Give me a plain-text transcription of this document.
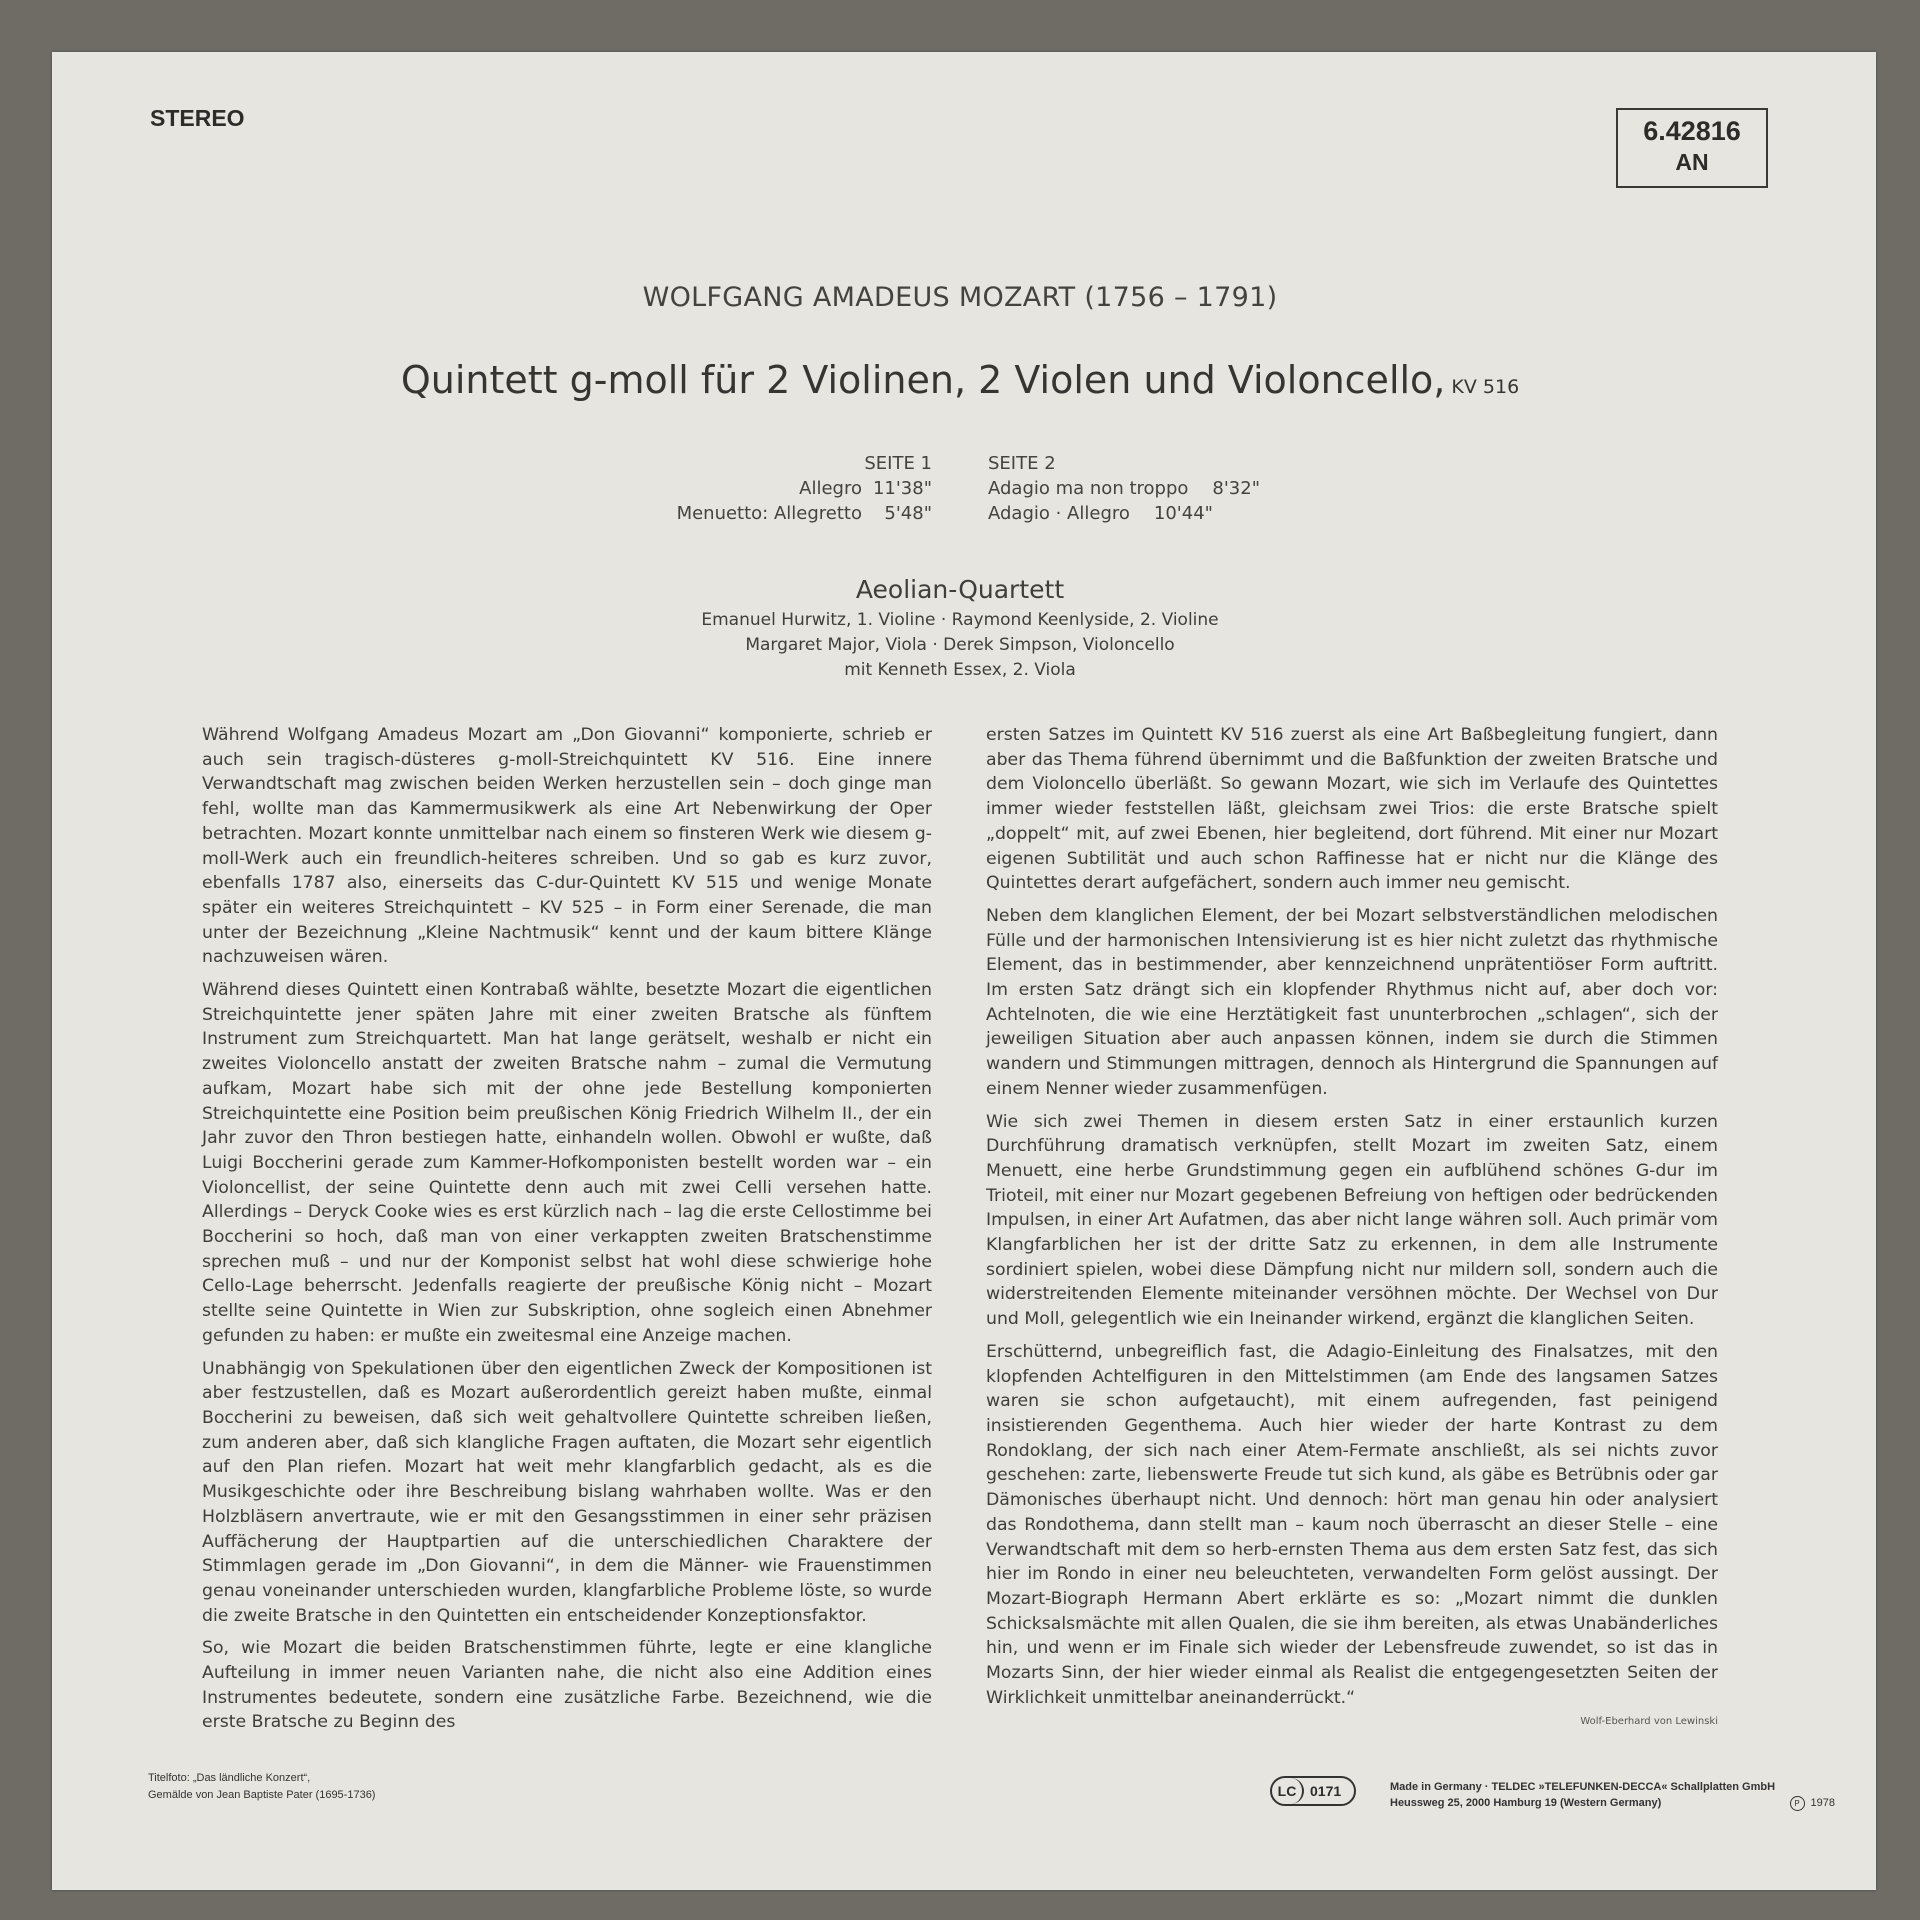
STEREO	6.42816
AN
WOLFGANG AMADEUS MOZART (1756 – 1791)
Quintett g-moll für 2 Violinen, 2 Violen und Violoncello, KV 516
SEITE 1
Allegro 11'38"
Menuetto: Allegretto	5'48"
SEITE 2
Adagio ma non troppo 8'32"
Adagio · Allegro 10'44"
Aeolian-Quartett
Emanuel Hurwitz, 1. Violine · Raymond Keenlyside, 2. Violine
Margaret Major, Viola · Derek Simpson, Violoncello
mit Kenneth Essex, 2. Viola

Während Wolfgang Amadeus Mozart am „Don Giovanni“ komponierte, schrieb er auch sein tragisch-düsteres g-moll-Streichquintett KV 516. Eine innere Verwandtschaft mag zwischen beiden Werken herzustellen sein – doch ginge man fehl, wollte man das Kammermusikwerk als eine Art Nebenwirkung der Oper betrachten. Mozart konnte unmittelbar nach einem so finsteren Werk wie diesem g-moll-Werk auch ein freundlich-heiteres schreiben. Und so gab es kurz zuvor, ebenfalls 1787 also, einerseits das C-dur-Quintett KV 515 und wenige Monate später ein weiteres Streichquintett – KV 525 – in Form einer Serenade, die man unter der Bezeichnung „Kleine Nachtmusik“ kennt und der kaum bittere Klänge nachzuweisen wären.

Während dieses Quintett einen Kontrabaß wählte, besetzte Mozart die eigentlichen Streichquintette jener späten Jahre mit einer zweiten Bratsche als fünftem Instrument zum Streichquartett. Man hat lange gerätselt, weshalb er nicht ein zweites Violoncello anstatt der zweiten Bratsche nahm – zumal die Vermutung aufkam, Mozart habe sich mit der ohne jede Bestellung komponierten Streichquintette eine Position beim preußischen König Friedrich Wilhelm II., der ein Jahr zuvor den Thron bestiegen hatte, einhandeln wollen. Obwohl er wußte, daß Luigi Boccherini gerade zum Kammer-Hofkomponisten bestellt worden war – ein Violoncellist, der seine Quintette denn auch mit zwei Celli versehen hatte. Allerdings – Deryck Cooke wies es erst kürzlich nach – lag die erste Cellostimme bei Boccherini so hoch, daß man von einer verkappten zweiten Bratschenstimme sprechen muß – und nur der Komponist selbst hat wohl diese schwierige hohe Cello-Lage beherrscht. Jedenfalls reagierte der preußische König nicht – Mozart stellte seine Quintette in Wien zur Subskription, ohne sogleich einen Abnehmer gefunden zu haben: er mußte ein zweitesmal eine Anzeige machen.

Unabhängig von Spekulationen über den eigentlichen Zweck der Kompositionen ist aber festzustellen, daß es Mozart außerordentlich gereizt haben mußte, einmal Boccherini zu beweisen, daß sich weit gehaltvollere Quintette schreiben ließen, zum anderen aber, daß sich klangliche Fragen auftaten, die Mozart sehr eigentlich auf den Plan riefen. Mozart hat weit mehr klangfarblich gedacht, als es die Musikgeschichte oder ihre Beschreibung bislang wahrhaben wollte. Was er den Holzbläsern anvertraute, wie er mit den Gesangsstimmen in einer sehr präzisen Auffächerung der Hauptpartien auf die unterschiedlichen Charaktere der Stimmlagen gerade im „Don Giovanni“, in dem die Männer- wie Frauenstimmen genau voneinander unterschieden wurden, klangfarbliche Probleme löste, so wurde die zweite Bratsche in den Quintetten ein entscheidender Konzeptionsfaktor.

So, wie Mozart die beiden Bratschenstimmen führte, legte er eine klangliche Aufteilung in immer neuen Varianten nahe, die nicht also eine Addition eines Instrumentes bedeutete, sondern eine zusätzliche Farbe. Bezeichnend, wie die erste Bratsche zu Beginn des

ersten Satzes im Quintett KV 516 zuerst als eine Art Baßbegleitung fungiert, dann aber das Thema führend übernimmt und die Baßfunktion der zweiten Bratsche und dem Violoncello überläßt. So gewann Mozart, wie sich im Verlaufe des Quintettes immer wieder feststellen läßt, gleichsam zwei Trios: die erste Bratsche spielt „doppelt“ mit, auf zwei Ebenen, hier begleitend, dort führend. Mit einer nur Mozart eigenen Subtilität und auch schon Raffinesse hat er nicht nur die Klänge des Quintettes derart aufgefächert, sondern auch immer neu gemischt.

Neben dem klanglichen Element, der bei Mozart selbstverständlichen melodischen Fülle und der harmonischen Intensivierung ist es hier nicht zuletzt das rhythmische Element, das in bestimmender, aber kennzeichnend unprätentiöser Form auftritt. Im ersten Satz drängt sich ein klopfender Rhythmus nicht auf, aber doch vor: Achtelnoten, die wie eine Herztätigkeit fast ununterbrochen „schlagen“, sich der jeweiligen Situation aber auch anpassen können, indem sie durch die Stimmen wandern und Stimmungen mittragen, dennoch als Hintergrund die Spannungen auf einem Nenner wieder zusammenfügen.

Wie sich zwei Themen in diesem ersten Satz in einer erstaunlich kurzen Durchführung dramatisch verknüpfen, stellt Mozart im zweiten Satz, einem Menuett, eine herbe Grundstimmung gegen ein aufblühend schönes G-dur im Trioteil, mit einer nur Mozart gegebenen Befreiung von heftigen oder bedrückenden Impulsen, in einer Art Aufatmen, das aber nicht lange währen soll. Auch primär vom Klangfarblichen her ist der dritte Satz zu erkennen, in dem alle Instrumente sordiniert spielen, wobei diese Dämpfung nicht nur mildern soll, sondern auch die widerstreitenden Elemente miteinander versöhnen möchte. Der Wechsel von Dur und Moll, gelegentlich wie ein Ineinander wirkend, ergänzt die klanglichen Seiten.

Erschütternd, unbegreiflich fast, die Adagio-Einleitung des Finalsatzes, mit den klopfenden Achtelfiguren in den Mittelstimmen (am Ende des langsamen Satzes waren sie schon aufgetaucht), mit einem aufregenden, fast peinigend insistierenden Gegenthema. Auch hier wieder der harte Kontrast zu dem Rondoklang, der sich nach einer Atem-Fermate anschließt, als sei nichts zuvor geschehen: zarte, liebenswerte Freude tut sich kund, als gäbe es Betrübnis oder gar Dämonisches überhaupt nicht. Und dennoch: hört man genau hin oder analysiert das Rondothema, dann stellt man – kaum noch überrascht an dieser Stelle – eine Verwandtschaft mit dem so herb-ernsten Thema aus dem ersten Satz fest, das sich hier im Rondo in einer neu beleuchteten, verwandelten Form gelöst aussingt. Der Mozart-Biograph Hermann Abert erklärte es so: „Mozart nimmt die dunklen Schicksalsmächte mit allen Qualen, die sie ihm bereiten, als etwas Unabänderliches hin, und wenn er im Finale sich wieder der Lebensfreude zuwendet, so ist das in Mozarts Sinn, der hier wieder einmal als Realist die entgegengesetzten Seiten der Wirklichkeit unmittelbar aneinanderrückt.“

Wolf-Eberhard von Lewinski
Titelfoto: „Das ländliche Konzert“,
Gemälde von Jean Baptiste Pater (1695-1736)	LC 0171	Made in Germany · TELDEC »TELEFUNKEN-DECCA« Schallplatten GmbH
Heussweg 25, 2000 Hamburg 19 (Western Germany)	P 1978
